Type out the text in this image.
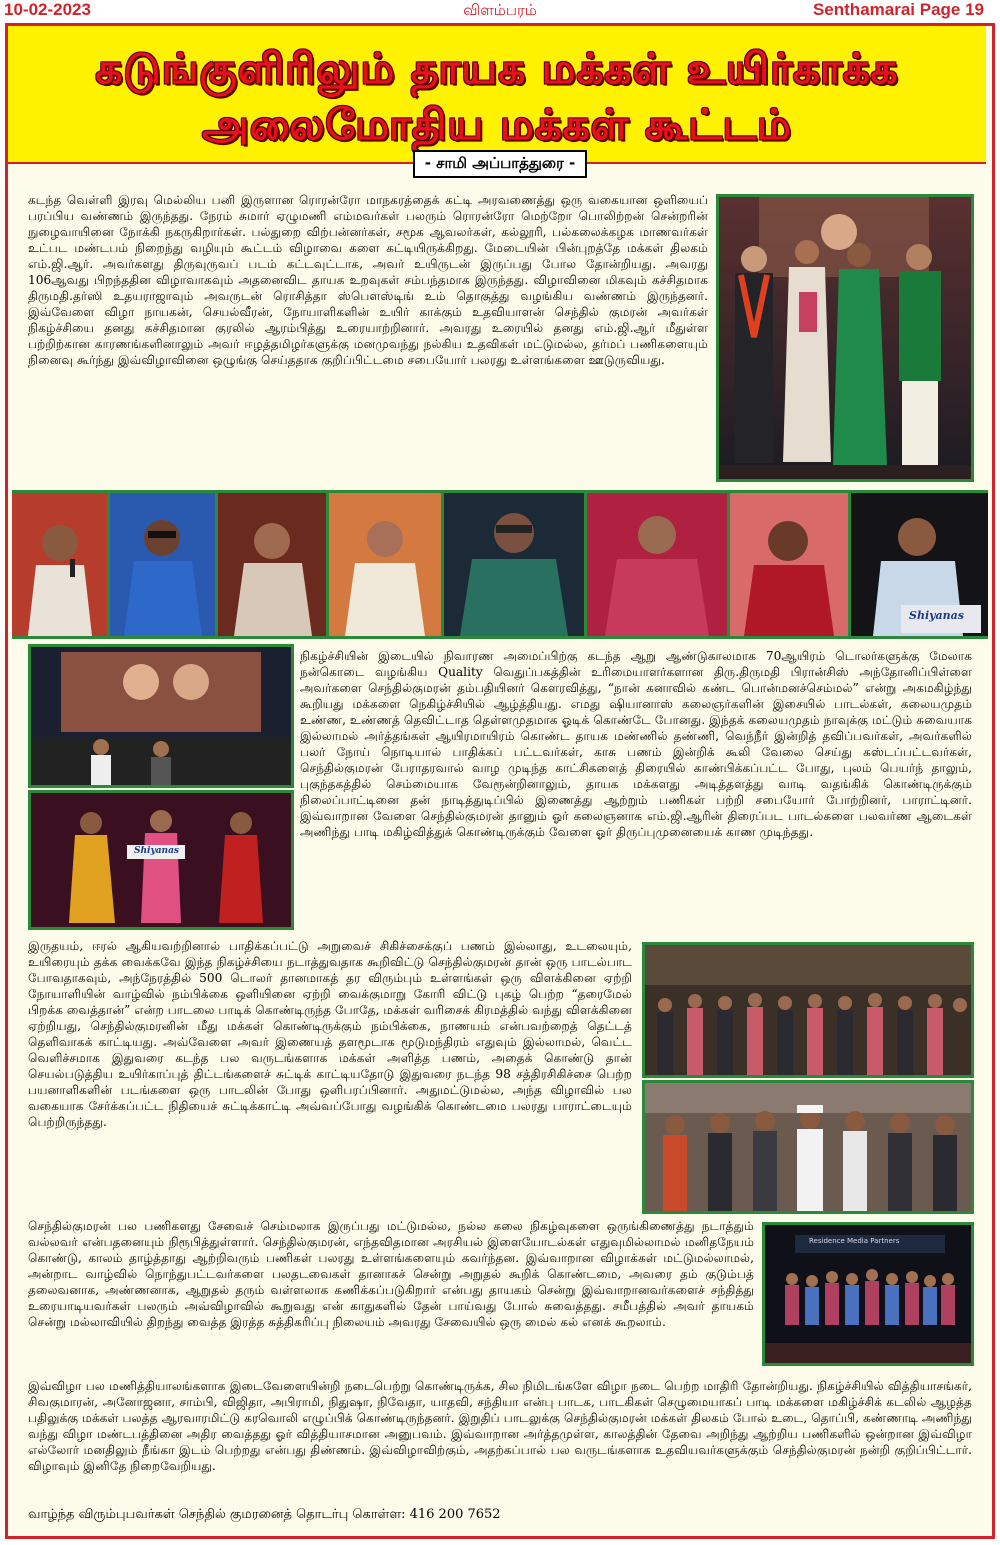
10-02-2023	விளம்பரம்	Senthamarai Page 19
கடுங்குளிரிலும் தாயக மக்கள் உயிர்காக்க
அலைமோதிய மக்கள் கூட்டம்
- சாமி அப்பாத்துரை -

கடந்த வெள்ளி இரவு மெல்லிய பனி இருளான ரொரன்ரோ மாநகரத்தைக் கட்டி அரவணைத்து ஒரு வகையான ஒளியைப் பரப்பிய வண்ணம் இருந்தது. நேரம் சுமார் ஏழுமணி எம்மவர்கள் பலரும் ரொரன்ரோ மெற்றோ பொலிற்றன் சென்றரின் நுழைவாயினை நோக்கி நகருகிறார்கள். பல்துறை விற்பன்னர்கள், சமூக ஆவலர்கள், கல்லூரி, பல்கலைக்கழக மாணவர்கள் உட்பட மண்டபம் நிறைந்து வழியும் கூட்டம் விழாவை களை கட்டியிருக்கிறது. மேடையின் பின்புறத்தே மக்கள் திலகம் எம்.ஜி.ஆர். அவர்களது திருவுருவப் படம் கட்டவுட்டாக, அவர் உயிருடன் இருப்பது போல தோன்றியது. அவரது 106ஆவது பிறந்ததின விழாவாகவும் அதனைவிட தாயக உறவுகள் சம்பந்தமாக இருந்தது. விழாவினை மிகவும் கச்சிதமாக திருமதி.தர்ஸி உதயராஜாவும் அவருடன் ரொசித்தா ஸ்பௌஸ்டிங் உம் தொகுத்து வழங்கிய வண்ணம் இருந்தனர். இவ்வேளை விழா நாயகன், செயல்வீரன், நோயாளிகளின் உயிர் காக்கும் உதவியாளன் செந்தில் குமரன் அவர்கள் நிகழ்ச்சியை தனது கச்சிதமான குரலில் ஆரம்பித்து உரையாற்றினார். அவரது உரையில் தனது எம்.ஜி.ஆர் மீதுள்ள பற்றிற்கான காரணங்களினாலும் அவர் ஈழத்தமிழர்களுக்கு மனமுவந்து நல்கிய உதவிகள் மட்டுமல்ல, தர்மப் பணிகளையும் நினைவு கூர்ந்து இவ்விழாவினை ஒழுங்கு செய்ததாக குறிப்பிட்டமை சபையோர் பலரது உள்ளங்களை ஊடுருவியது.

Shiyanas
Shiyanas

நிகழ்ச்சியின் இடையில் நிவாரண அமைப்பிற்கு கடந்த ஆறு ஆண்டுகாலமாக 70ஆயிரம் டொலர்களுக்கு மேலாக நன்கொடை வழங்கிய Quality வெதுப்பகத்தின் உரிமையாளர்களான திரு.திருமதி பிரான்சிஸ் அந்தோனிப்பிள்ளை அவர்களை செந்தில்குமரன் தம்பதியினர் கௌரவித்து, “நான் கனாவில் கண்ட பொன்மனச்செம்மல்” என்று அகமகிழ்ந்து கூறியது மக்களை நெகிழ்ச்சியில் ஆழ்த்தியது. எமது ஷியானாஸ் கலைஞர்களின் இசையில் பாடல்கள், கலையமுதம் உண்ண, உண்ணத் தெவிட்டாத தெள்ளமுதமாக ஓடிக் கொண்டே போனது. இந்தக் கலையமுதம் நாவுக்கு மட்டும் சுவையாக இல்லாமல் அர்த்தங்கள் ஆயிரமாயிரம் கொண்ட தாயக மண்ணில் தண்ணி, வெந்நீர் இன்றித் தவிப்பவர்கள், அவர்களில் பலர் நோய் நொடியால் பாதிக்கப் பட்டவர்கள், காசு பணம் இன்றிக் கூலி வேலை செய்து கஸ்டப்பட்டவர்கள், செந்தில்குமரன் பேராதரவால் வாழ முடிந்த காட்சிகளைத் திரையில் காண்பிக்கப்பட்ட போது, புலம் பெயர்ந் தாலும், புகுந்தகத்தில் செம்மையாக வேரூன்றினாலும், தாயக மக்களது அடித்தளத்து வாடி வதங்கிக் கொண்டிருக்கும் நிலைப்பாட்டினை தன் நாடித்துடிப்பில் இணைத்து ஆற்றும் பணிகள் பற்றி சபையோர் போற்றினர், பாராட்டினர். இவ்வாறான வேளை செந்தில்குமரன் தானும் ஓர் கலைஞனாக எம்.ஜி.ஆரின் திரைப்பட பாடல்களை பலவர்ண ஆடைகள் அணிந்து பாடி மகிழ்வித்துக் கொண்டிருக்கும் வேளை ஓர் திருப்புமுனையைக் காண முடிந்தது.

இருதயம், ஈரல் ஆகியவற்றினால் பாதிக்கப்பட்டு அறுவைச் சிகிச்சைக்குப் பணம் இல்லாது, உடலையும், உயிரையும் தக்க வைக்கவே இந்த நிகழ்ச்சியை நடாத்துவதாக கூறிவிட்டு செந்தில்குமரன் தான் ஒரு பாடல்பாட போவதாகவும், அந்நேரத்தில் 500 டொலர் தானமாகத் தர விரும்பும் உள்ளங்கள் ஒரு விளக்கினை ஏற்றி நோயாளியின் வாழ்வில் நம்பிக்கை ஒளியினை ஏற்றி வைக்குமாறு கோரி விட்டு புகழ் பெற்ற “தரைமேல் பிறக்க வைத்தான்” என்ற பாடலை பாடிக் கொண்டிருந்த போதே, மக்கள் வரிசைக் கிரமத்தில் வந்து விளக்கினை ஏற்றியது, செந்தில்குமரனின் மீது மக்கள் கொண்டிருக்கும் நம்பிக்கை, நாணயம் என்பவற்றைத் தெட்டத் தெளிவாகக் காட்டியது. அவ்வேளை அவர் இணையத் தளமூடாக மூடுமந்திரம் எதுவும் இல்லாமல், வெட்ட வெளிச்சமாக இதுவரை கடந்த பல வருடங்களாக மக்கள் அளித்த பணம், அதைக் கொண்டு தான் செயல்படுத்திய உயிர்காப்புத் திட்டங்களைச் சுட்டிக் காட்டியதோடு இதுவரை நடந்த 98 சத்திரசிகிச்சை பெற்ற பயனாளிகளின் படங்களை ஒரு பாடலின் போது ஒளிபரப்பினார். அதுமட்டுமல்ல, அந்த விழாவில் பல வகையாக சேர்க்கப்பட்ட நிதியைச் சுட்டிக்காட்டி அவ்வப்போது வழங்கிக் கொண்டமை பலரது பாராட்டையும் பெற்றிருந்தது.

செந்தில்குமரன் பல பணிகளது சேவைச் செம்மலாக இருப்பது மட்டுமல்ல, நல்ல கலை நிகழ்வுகளை ஒருங்கிணைத்து நடாத்தும் வல்லவர் என்பதனையும் நிரூபித்துள்ளார். செந்தில்குமரன், எந்தவிதமான அரசியல் இளையோடல்கள் எதுவுமில்லாமல் மனிதநேயம் கொண்டு, காலம் தாழ்த்தாது ஆற்றிவரும் பணிகள் பலரது உள்ளங்களையும் கவர்ந்தன. இவ்வாறான விழாக்கள் மட்டுமல்லாமல், அன்றாட வாழ்வில் நொந்துபட்டவர்களை பலதடவைகள் தானாகச் சென்று அறுதல் கூறிக் கொண்டமை, அவரை தம் குடும்பத் தலைவனாக, அண்ணனாக, ஆறுதல் தரும் வள்ளலாக கணிக்கப்படுகிறார் என்பது தாயகம் சென்று இவ்வாறானவர்களைச் சந்தித்து உரையாடியவர்கள் பலரும் அவ்விழாவில் கூறுவது என் காதுகளில் தேன் பாய்வது போல் சுவைத்தது. சமீபத்தில் அவர் தாயகம் சென்று மல்லாவியில் திறந்து வைத்த இரத்த சுத்திகரிப்பு நிலையம் அவரது சேவையில் ஒரு மைல் கல் எனக் கூறலாம்.

Residence Media Partners

இவ்விழா பல மணித்தியாலங்களாக இடைவேளையின்றி நடைபெற்று கொண்டிருக்க, சில நிமிடங்களே விழா நடை பெற்ற மாதிரி தோன்றியது. நிகழ்ச்சியில் வித்தியாசங்கர், சிவகுமாரன், அனோஜனா, சாம்பி, விஜிதா, அபிராமி, நிதுஷா, நிவேதா, யாதவி, சந்தியா என்பு பாடக, பாடகிகள் செழுமையாகப் பாடி மக்களை மகிழ்ச்சிக் கடலில் ஆழத்த பதிலுக்கு மக்கள் பலத்த ஆரவாரமிட்டு கரவொலி எழுப்பிக் கொண்டிருந்தனர். இறுதிப் பாடலுக்கு செந்தில்குமரன் மக்கள் திலகம் போல் உடை, தொப்பி, கண்ணாடி அணிந்து வந்து விழா மண்டபத்தினை அதிர வைத்தது ஓர் வித்தியாசமான அனுபவம். இவ்வாறான அர்த்தமுள்ள, காலத்தின் தேவை அறிந்து ஆற்றிய பணிகளில் ஒன்றான இவ்விழா எல்லோர் மனதிலும் நீங்கா இடம் பெற்றது என்பது திண்ணம். இவ்விழாவிற்கும், அதற்கப்பால் பல வருடங்களாக உதவியவர்களுக்கும் செந்தில்குமரன் நன்றி குறிப்பிட்டார். விழாவும் இனிதே நிறைவேறியது.

வாழ்ந்த விரும்புபவர்கள் செந்தில் குமரனைத் தொடர்பு கொள்ள: 416 200 7652
